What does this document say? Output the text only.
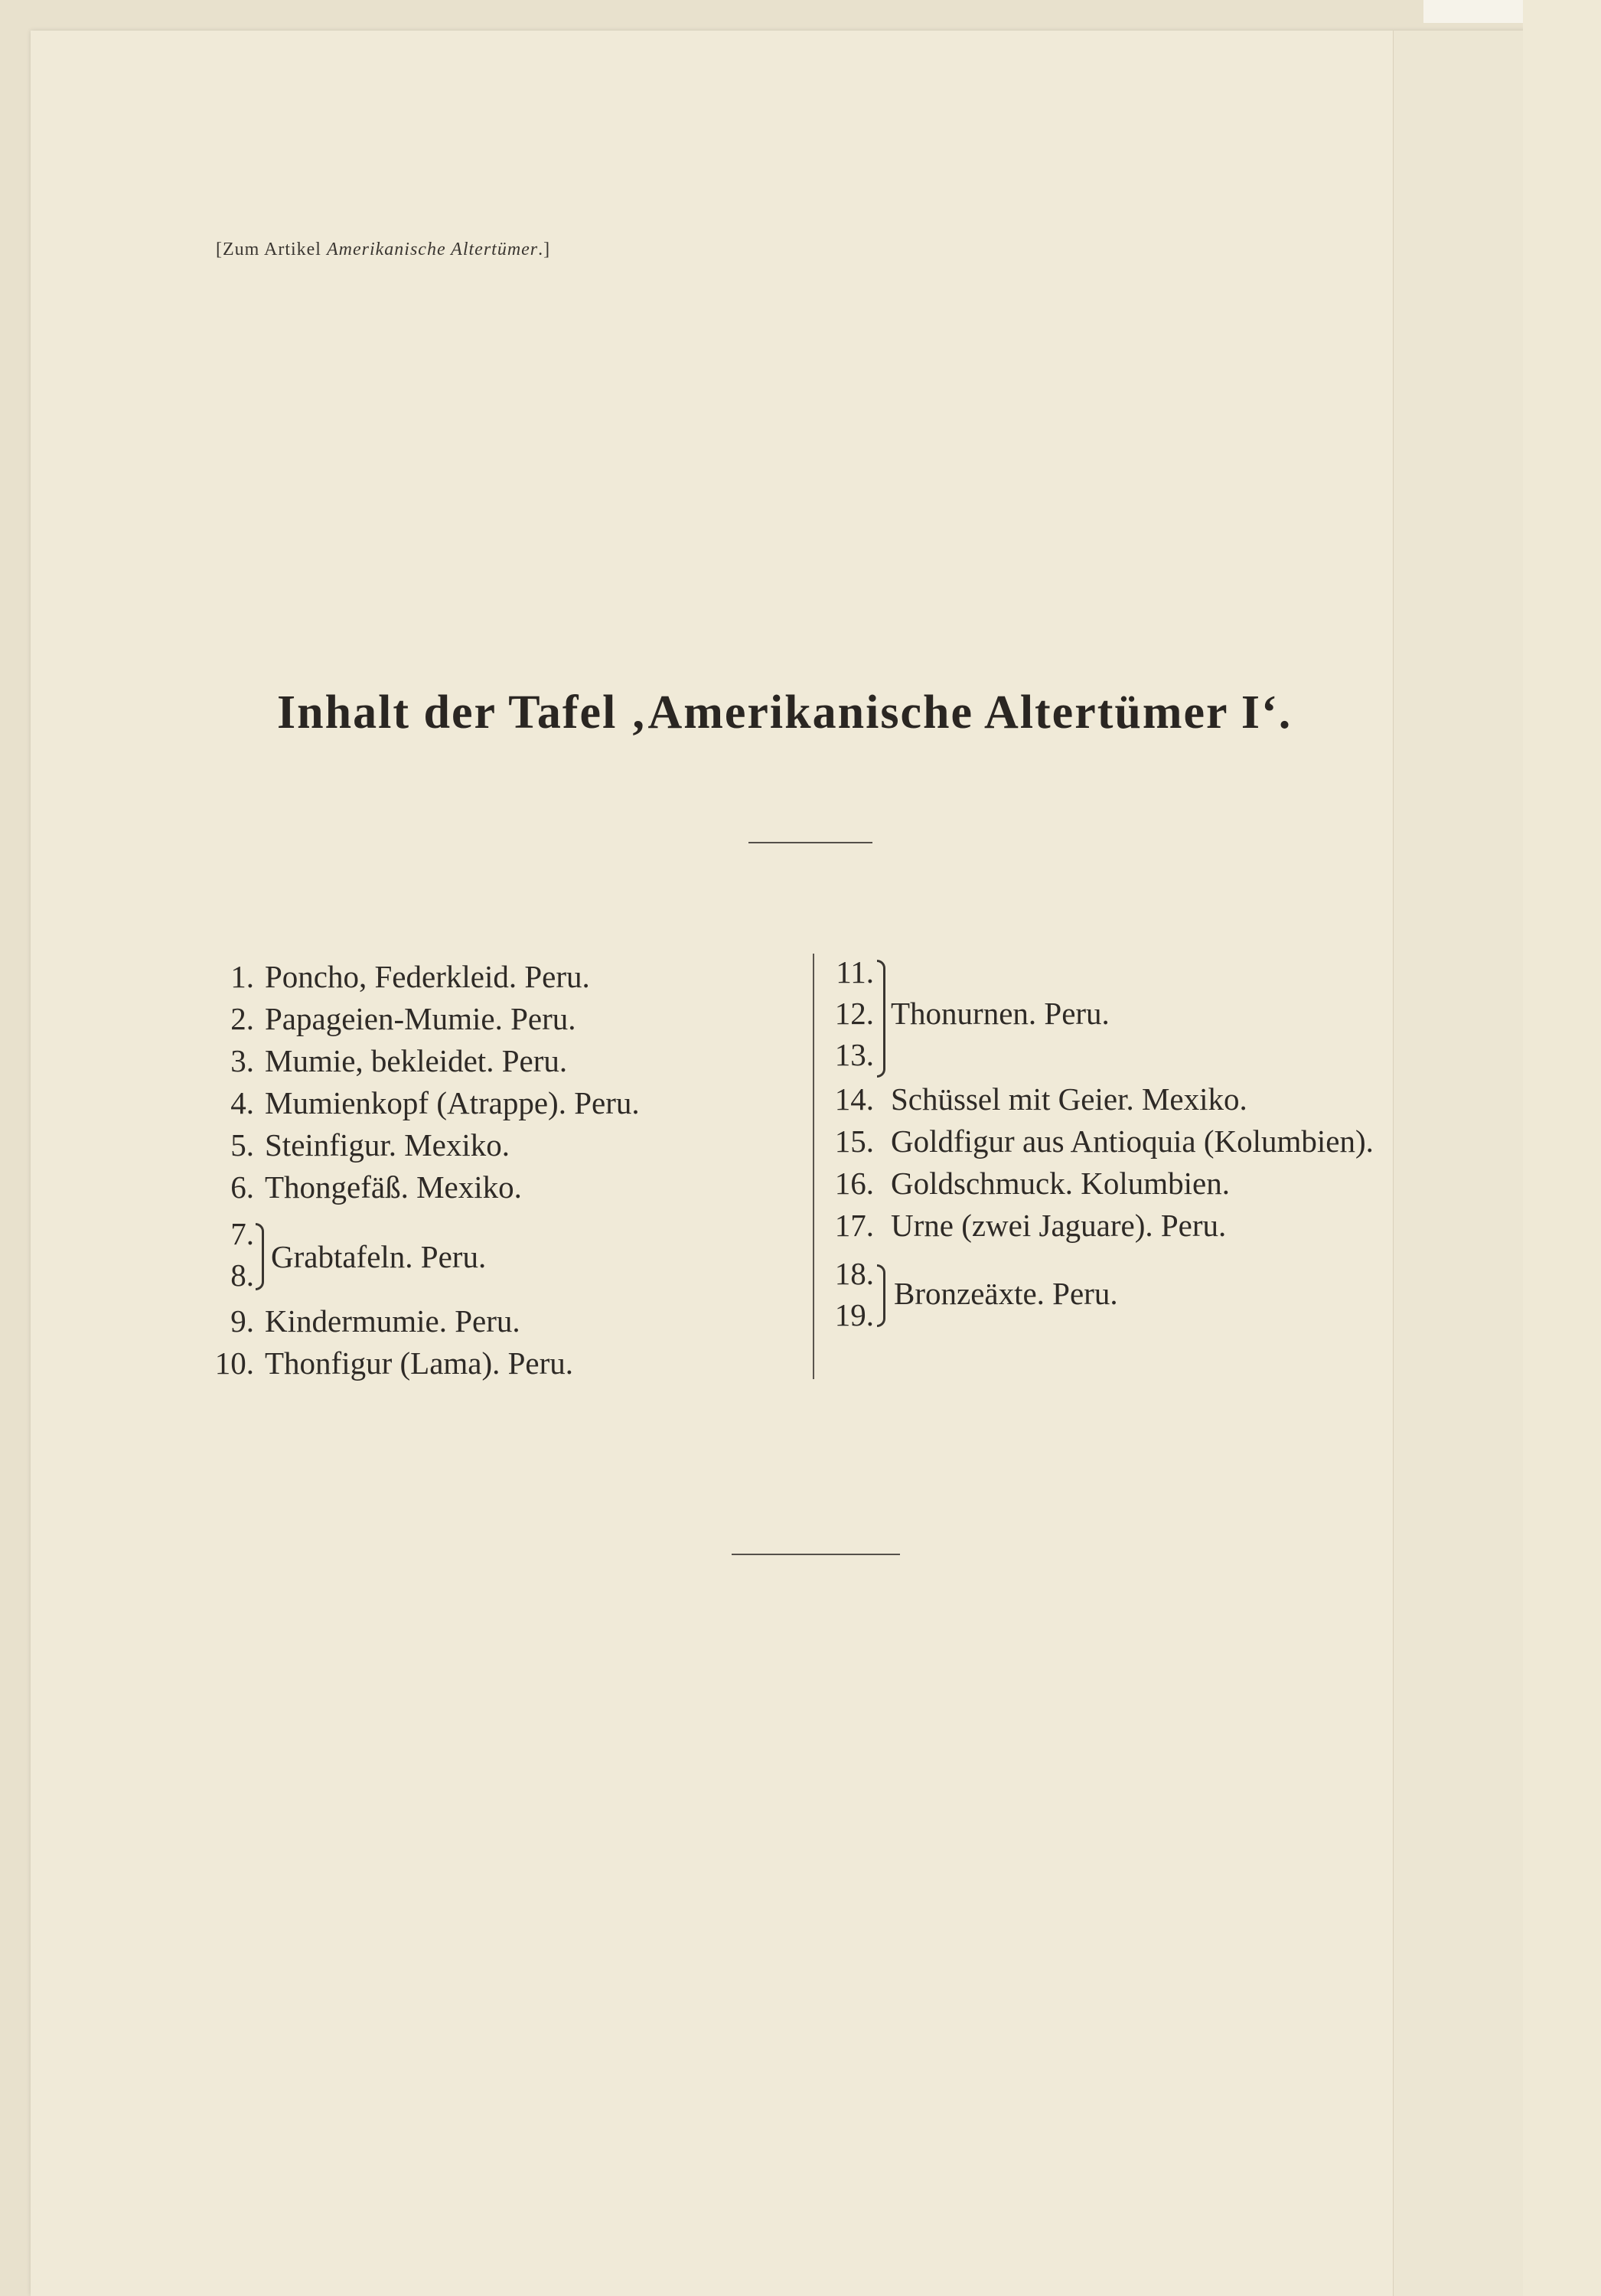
[Zum Artikel Amerikanische Altertümer.]
Inhalt der Tafel ‚Amerikanische Altertümer I‘.
1. Poncho, Federkleid. Peru.
2. Papageien-Mumie. Peru.
3. Mumie, bekleidet. Peru.
4. Mumienkopf (Atrappe). Peru.
5. Steinfigur. Mexiko.
6. Thongefäß. Mexiko.
7.
8.
Grabtafeln. Peru.
9. Kindermumie. Peru.
10. Thonfigur (Lama). Peru.
11.
12.
13.
Thonurnen. Peru.
14. Schüssel mit Geier. Mexiko.
15. Goldfigur aus Antioquia (Kolumbien).
16. Goldschmuck. Kolumbien.
17. Urne (zwei Jaguare). Peru.
18.
19.
Bronzeäxte. Peru.
